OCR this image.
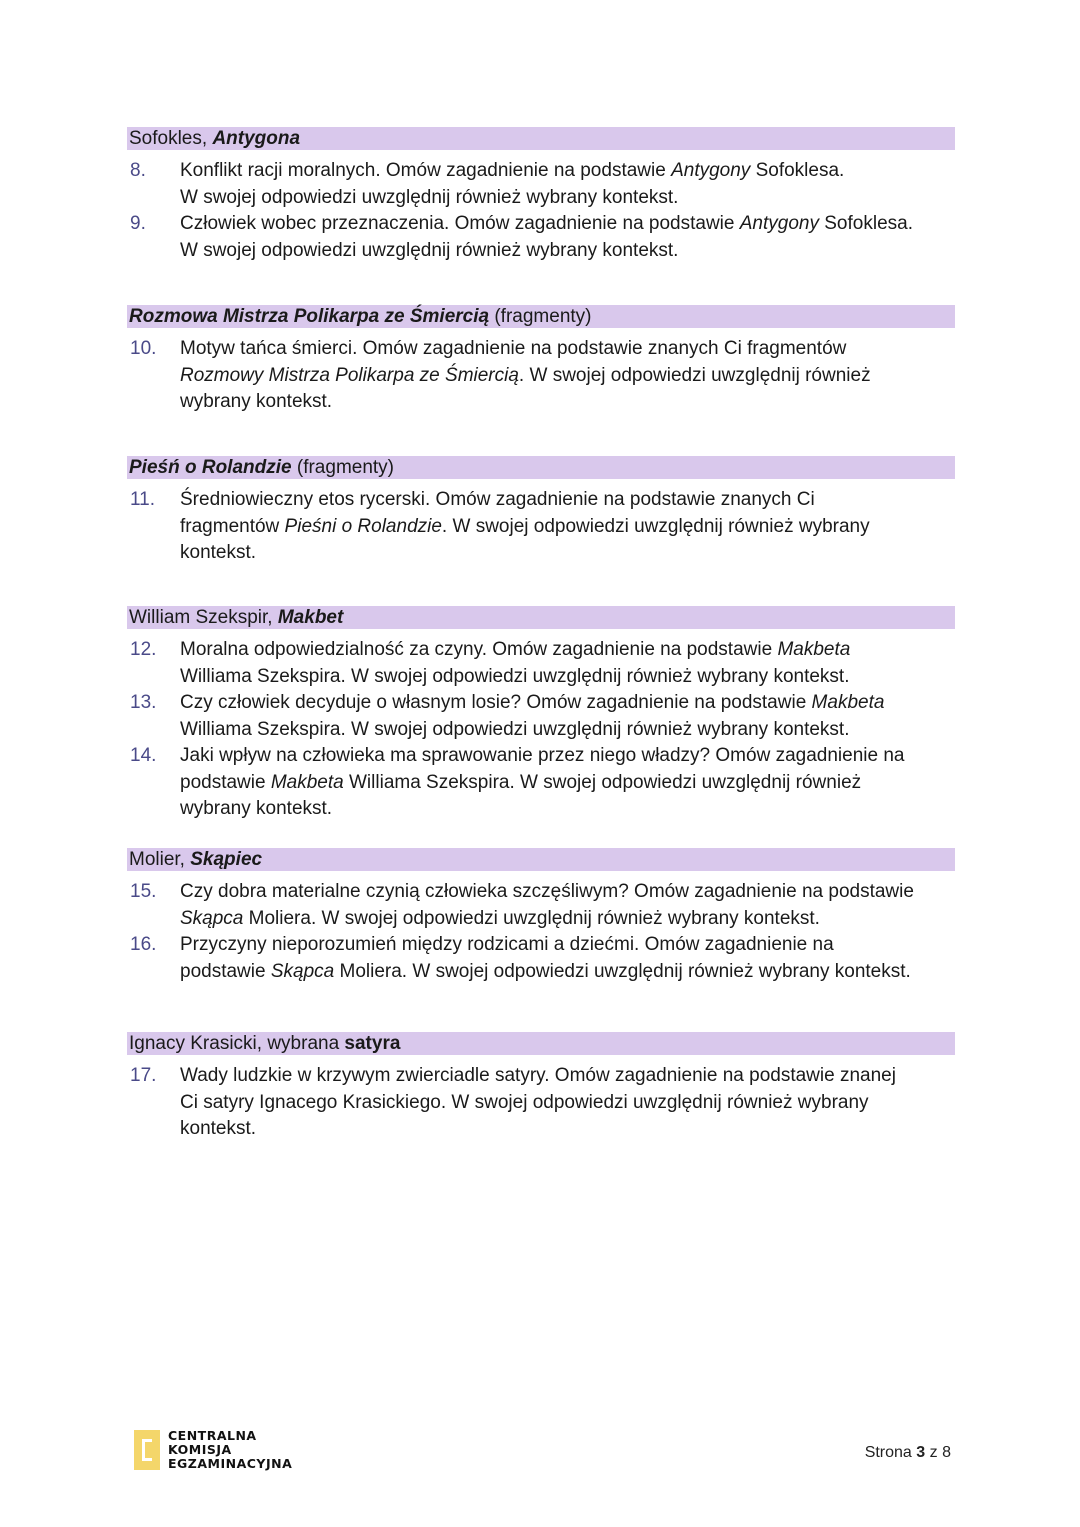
Sofokles, Antygona
8. Konflikt racji moralnych. Omów zagadnienie na podstawie Antygony Sofoklesa.
W swojej odpowiedzi uwzględnij również wybrany kontekst.
9. Człowiek wobec przeznaczenia. Omów zagadnienie na podstawie Antygony Sofoklesa.
W swojej odpowiedzi uwzględnij również wybrany kontekst.
Rozmowa Mistrza Polikarpa ze Śmiercią (fragmenty)
10. Motyw tańca śmierci. Omów zagadnienie na podstawie znanych Ci fragmentów
Rozmowy Mistrza Polikarpa ze Śmiercią. W swojej odpowiedzi uwzględnij również
wybrany kontekst.
Pieśń o Rolandzie (fragmenty)
11. Średniowieczny etos rycerski. Omów zagadnienie na podstawie znanych Ci
fragmentów Pieśni o Rolandzie. W swojej odpowiedzi uwzględnij również wybrany
kontekst.
William Szekspir, Makbet
12. Moralna odpowiedzialność za czyny. Omów zagadnienie na podstawie Makbeta
Williama Szekspira. W swojej odpowiedzi uwzględnij również wybrany kontekst.
13. Czy człowiek decyduje o własnym losie? Omów zagadnienie na podstawie Makbeta
Williama Szekspira. W swojej odpowiedzi uwzględnij również wybrany kontekst.
14. Jaki wpływ na człowieka ma sprawowanie przez niego władzy? Omów zagadnienie na
podstawie Makbeta Williama Szekspira. W swojej odpowiedzi uwzględnij również
wybrany kontekst.
Molier, Skąpiec
15. Czy dobra materialne czynią człowieka szczęśliwym? Omów zagadnienie na podstawie
Skąpca Moliera. W swojej odpowiedzi uwzględnij również wybrany kontekst.
16. Przyczyny nieporozumień między rodzicami a dziećmi. Omów zagadnienie na
podstawie Skąpca Moliera. W swojej odpowiedzi uwzględnij również wybrany kontekst.
Ignacy Krasicki, wybrana satyra
17. Wady ludzkie w krzywym zwierciadle satyry. Omów zagadnienie na podstawie znanej
Ci satyry Ignacego Krasickiego. W swojej odpowiedzi uwzględnij również wybrany
kontekst.
CENTRALNA
KOMISJA
EGZAMINACYJNA
Strona 3 z 8
